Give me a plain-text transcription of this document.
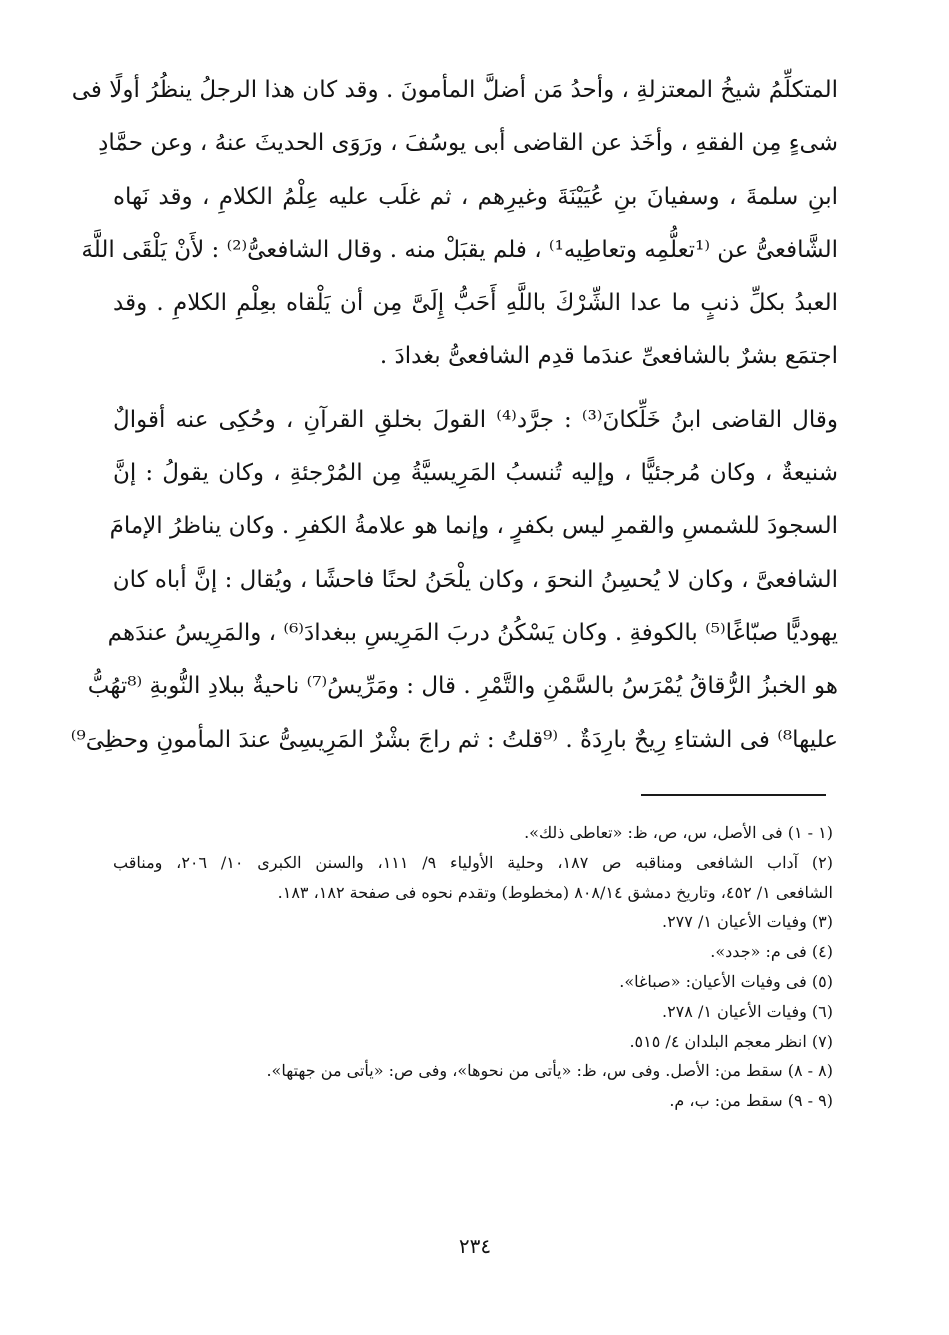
المتكلِّمُ شيخُ المعتزلةِ ، وأحدُ مَن أضلَّ المأمونَ . وقد كان هذا الرجلُ ينظُرُ أولًا فى
شىءٍ مِن الفقهِ ، وأخَذ عن القاضى أبى يوسُفَ ، ورَوَى الحديثَ عنهُ ، وعن حمَّادِ
ابنِ سلمةَ ، وسفيانَ بنِ عُيَيْنَةَ وغيرِهم ، ثم غلَب عليه عِلْمُ الكلامِ ، وقد نَهاه
الشَّافعىُّ عن ⁽¹تعلُّمِه وتعاطِيه¹⁾ ، فلم يقبَلْ منه . وقال الشافعىُّ⁽²⁾ : لأَنْ يَلْقَى اللَّهَ
العبدُ بكلِّ ذنبٍ ما عدا الشِّرْكَ باللَّهِ أَحَبُّ إِلَىَّ مِن أن يَلْقاه بعِلْمِ الكلامِ . وقد
اجتمَع بشرٌ بالشافعىِّ عندَما قدِم الشافعىُّ بغدادَ .
وقال القاضى ابنُ خَلِّكانَ⁽³⁾ : جرَّد⁽⁴⁾ القولَ بخلقِ القرآنِ ، وحُكِى عنه أقوالٌ
شنيعةٌ ، وكان مُرجئيًّا ، وإليه تُنسبُ المَرِيسيَّةُ مِن المُرْجئةِ ، وكان يقولُ : إنَّ
السجودَ للشمسِ والقمرِ ليس بكفرٍ ، وإنما هو علامةُ الكفرِ . وكان يناظرُ الإمامَ
الشافعىَّ ، وكان لا يُحسِنُ النحوَ ، وكان يلْحَنُ لحنًا فاحشًا ، ويُقال : إنَّ أباه كان
يهوديًّا صبّاغًا⁽⁵⁾ بالكوفةِ . وكان يَسْكُنُ دربَ المَرِيسِ ببغدادَ⁽⁶⁾ ، والمَرِيسُ عندَهم
هو الخبزُ الرُّقاقُ يُمْرَسُ بالسَّمْنِ والتَّمْرِ . قال : ومَرِّيسُ⁽⁷⁾ ناحيةٌ ببلادِ النُّوبةِ ⁽⁸تهُبُّ
عليها⁸⁾ فى الشتاءِ رِيحٌ بارِدَةٌ . ⁽⁹قلتُ : ثم راجَ بشْرٌ المَرِيسِىُّ عندَ المأمونِ وحظِىَ⁹⁾
(١ - ١) فى الأصل، س، ص، ظ: «تعاطى ذلك».
(٢) آداب الشافعى ومناقبه ص ١٨٧، وحلية الأولياء ٩/ ١١١، والسنن الكبرى ١٠/ ٢٠٦، ومناقب
الشافعى ١/ ٤٥٢، وتاريخ دمشق ٨٠٨/١٤ (مخطوط) وتقدم نحوه فى صفحة ١٨٢، ١٨٣.
(٣) وفيات الأعيان ١/ ٢٧٧.
(٤) فى م: «جدد».
(٥) فى وفيات الأعيان: «صباغا».
(٦) وفيات الأعيان ١/ ٢٧٨.
(٧) انظر معجم البلدان ٤/ ٥١٥.
(٨ - ٨) سقط من: الأصل. وفى س، ظ: «يأتى من نحوها»، وفى ص: «يأتى من جهتها».
(٩ - ٩) سقط من: ب، م.
٢٣٤
